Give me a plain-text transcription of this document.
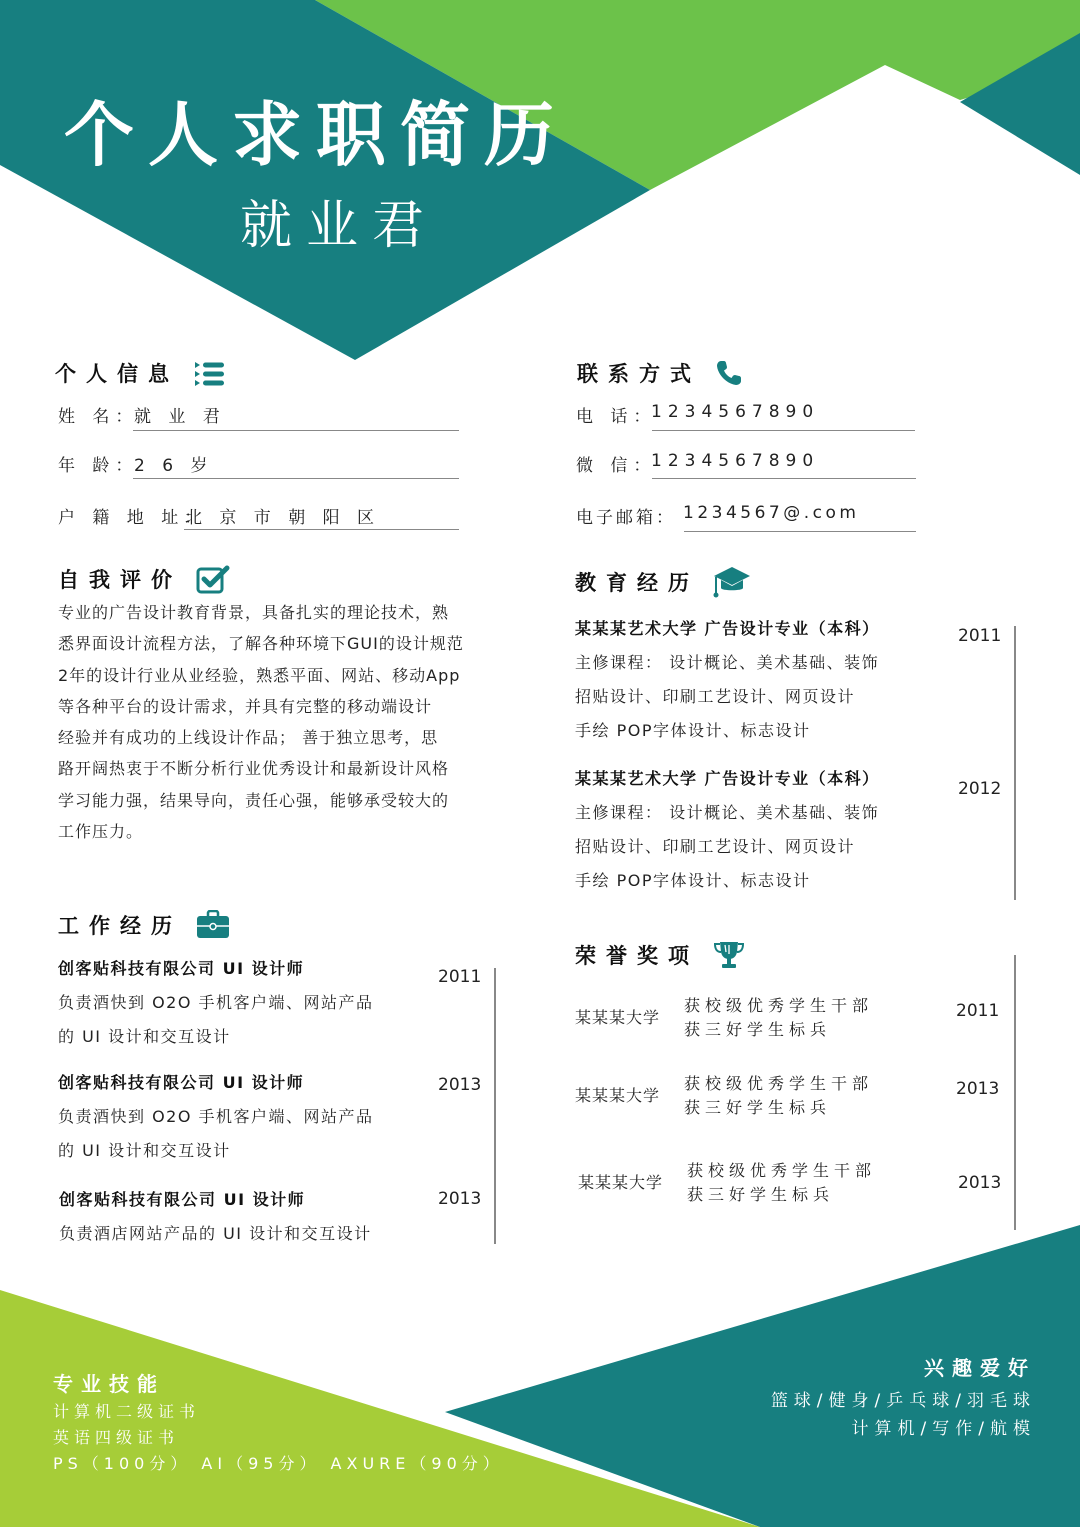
个人求职简历
就业君
个人信息
姓 名：
就 业 君
年 龄：
2 6 岁
户 籍 地 址：
北 京 市 朝 阳 区
联系方式
电 话：
1234567890
微 信：
1234567890
电子邮箱： 1234567@.com
自我评价
专业的广告设计教育背景，具备扎实的理论技术，熟
悉界面设计流程方法，了解各种环境下GUI的设计规范
2年的设计行业从业经验，熟悉平面、网站、移动App
等各种平台的设计需求，并具有完整的移动端设计
经验并有成功的上线设计作品； 善于独立思考，思
路开阔热衷于不断分析行业优秀设计和最新设计风格
学习能力强，结果导向，责任心强，能够承受较大的
工作压力。
教育经历
某某某艺术大学 广告设计专业（本科）
主修课程： 设计概论、美术基础、装饰
招贴设计、印刷工艺设计、网页设计
手绘 POP字体设计、标志设计
2011
某某某艺术大学 广告设计专业（本科）
主修课程： 设计概论、美术基础、装饰
招贴设计、印刷工艺设计、网页设计
手绘 POP字体设计、标志设计
2012
工作经历
创客贴科技有限公司 UI 设计师
负责酒快到 O2O 手机客户端、网站产品
的 UI 设计和交互设计
2011
创客贴科技有限公司 UI 设计师
负责酒快到 O2O 手机客户端、网站产品
的 UI 设计和交互设计
2013
创客贴科技有限公司 UI 设计师
负责酒店网站产品的 UI 设计和交互设计
2013
荣誉奖项
某某某大学
获校级优秀学生干部
获三好学生标兵
2011
某某某大学
获校级优秀学生干部
获三好学生标兵
2013
某某某大学
获校级优秀学生干部
获三好学生标兵
2013
专业技能
计算机二级证书
英语四级证书
PS（100分） AI（95分） AXURE（90分）
兴趣爱好
篮球/健身/乒乓球/羽毛球
计算机/写作/航模
